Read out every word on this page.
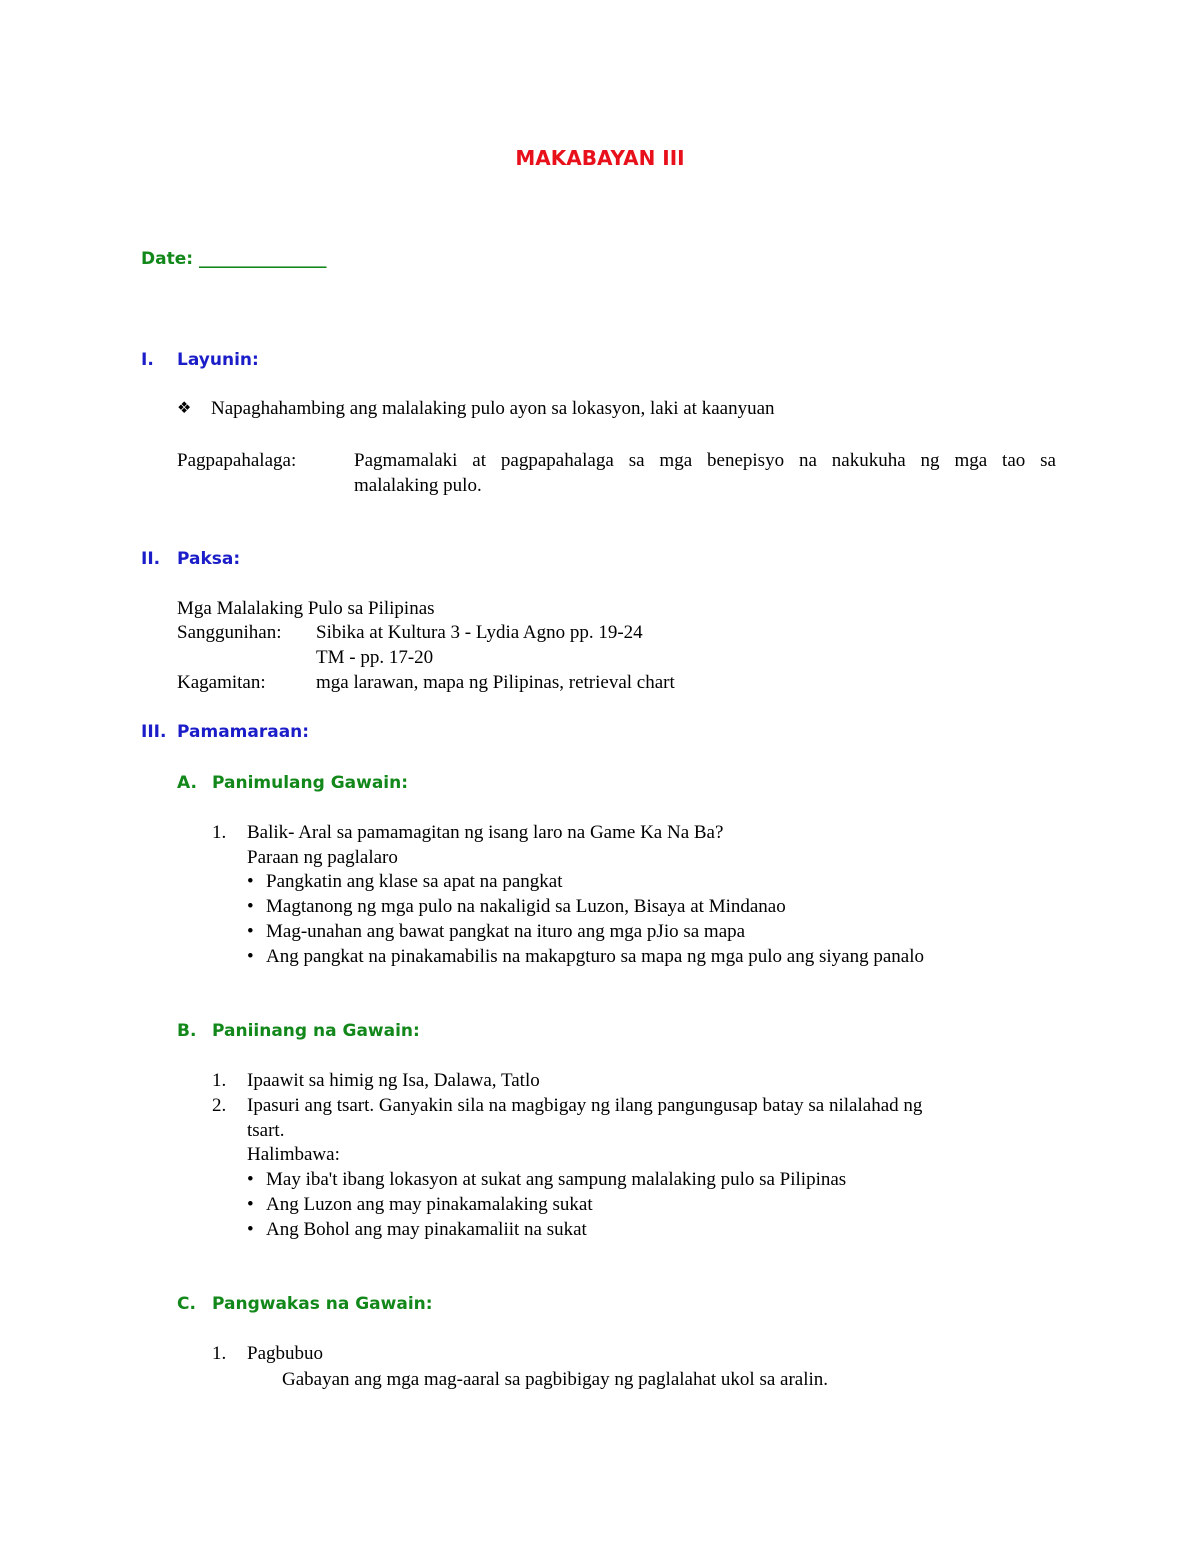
MAKABAYAN III
Date: _______________
I. Layunin:
❖ Napaghahambing ang malalaking pulo ayon sa lokasyon, laki at kaanyuan
Pagpapahalaga:	Pagmamalaki at pagpapahalaga sa mga benepisyo na nakukuha ng mga tao sa
malalaking pulo.
II. Paksa:
Mga Malalaking Pulo sa Pilipinas
Sanggunihan: Sibika at Kultura 3 - Lydia Agno pp. 19-24
TM - pp. 17-20
Kagamitan:	mga larawan, mapa ng Pilipinas, retrieval chart
III. Pamamaraan:
A. Panimulang Gawain:
1. Balik- Aral sa pamamagitan ng isang laro na Game Ka Na Ba?
Paraan ng paglalaro
• Pangkatin ang klase sa apat na pangkat
• Magtanong ng mga pulo na nakaligid sa Luzon, Bisaya at Mindanao
• Mag-unahan ang bawat pangkat na ituro ang mga pJio sa mapa
• Ang pangkat na pinakamabilis na makapgturo sa mapa ng mga pulo ang siyang panalo
B. Paniinang na Gawain:
1. Ipaawit sa himig ng Isa, Dalawa, Tatlo
2. Ipasuri ang tsart. Ganyakin sila na magbigay ng ilang pangungusap batay sa nilalahad ng
tsart.
Halimbawa:
• May iba't ibang lokasyon at sukat ang sampung malalaking pulo sa Pilipinas
• Ang Luzon ang may pinakamalaking sukat
• Ang Bohol ang may pinakamaliit na sukat
C. Pangwakas na Gawain:
1. Pagbubuo
Gabayan ang mga mag-aaral sa pagbibigay ng paglalahat ukol sa aralin.
